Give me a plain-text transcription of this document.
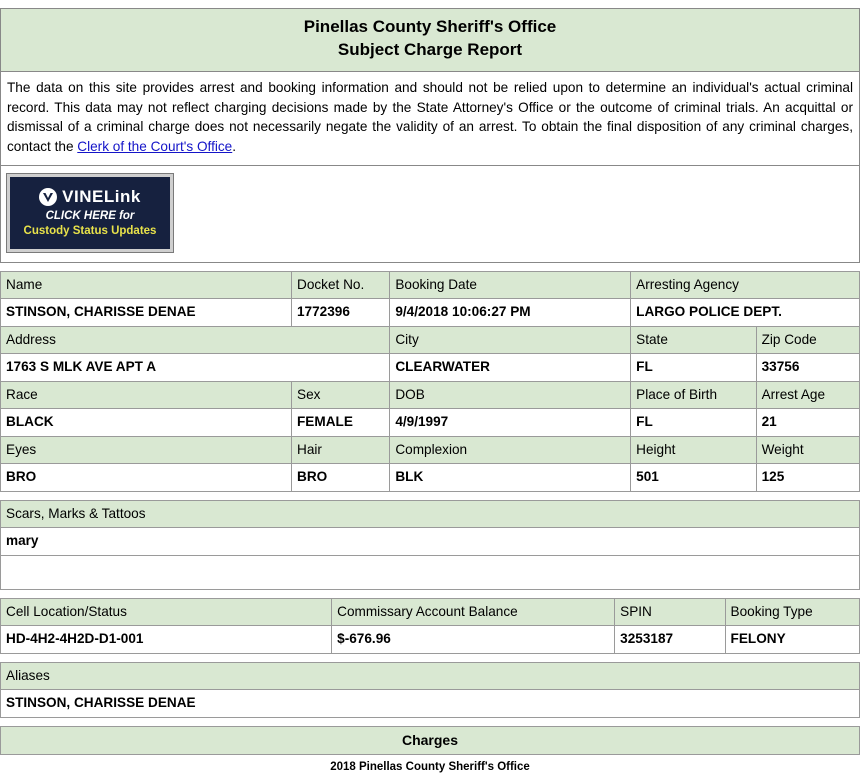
Pinellas County Sheriff's Office
Subject Charge Report
The data on this site provides arrest and booking information and should not be relied upon to determine an individual's actual criminal record. This data may not reflect charging decisions made by the State Attorney's Office or the outcome of criminal trials. An acquittal or dismissal of a criminal charge does not necessarily negate the validity of an arrest. To obtain the final disposition of any criminal charges, contact the Clerk of the Court's Office.
VINELink
CLICK HERE for
Custody Status Updates
Name	Docket No.	Booking Date	Arresting Agency	
STINSON, CHARISSE DENAE	1772396	9/4/2018 10:06:27 PM	LARGO POLICE DEPT.	
Address		City	State	Zip Code
1763 S MLK AVE APT A		CLEARWATER	FL	33756
Race	Sex	DOB	Place of Birth	Arrest Age
BLACK	FEMALE	4/9/1997	FL	21
Eyes	Hair	Complexion	Height	Weight
BRO	BRO	BLK	501	125
Scars, Marks & Tattoos
mary

Cell Location/Status	Commissary Account Balance	SPIN	Booking Type
HD-4H2-4H2D-D1-001	$-676.96	3253187	FELONY
Aliases
STINSON, CHARISSE DENAE
Charges
2018 Pinellas County Sheriff's Office
